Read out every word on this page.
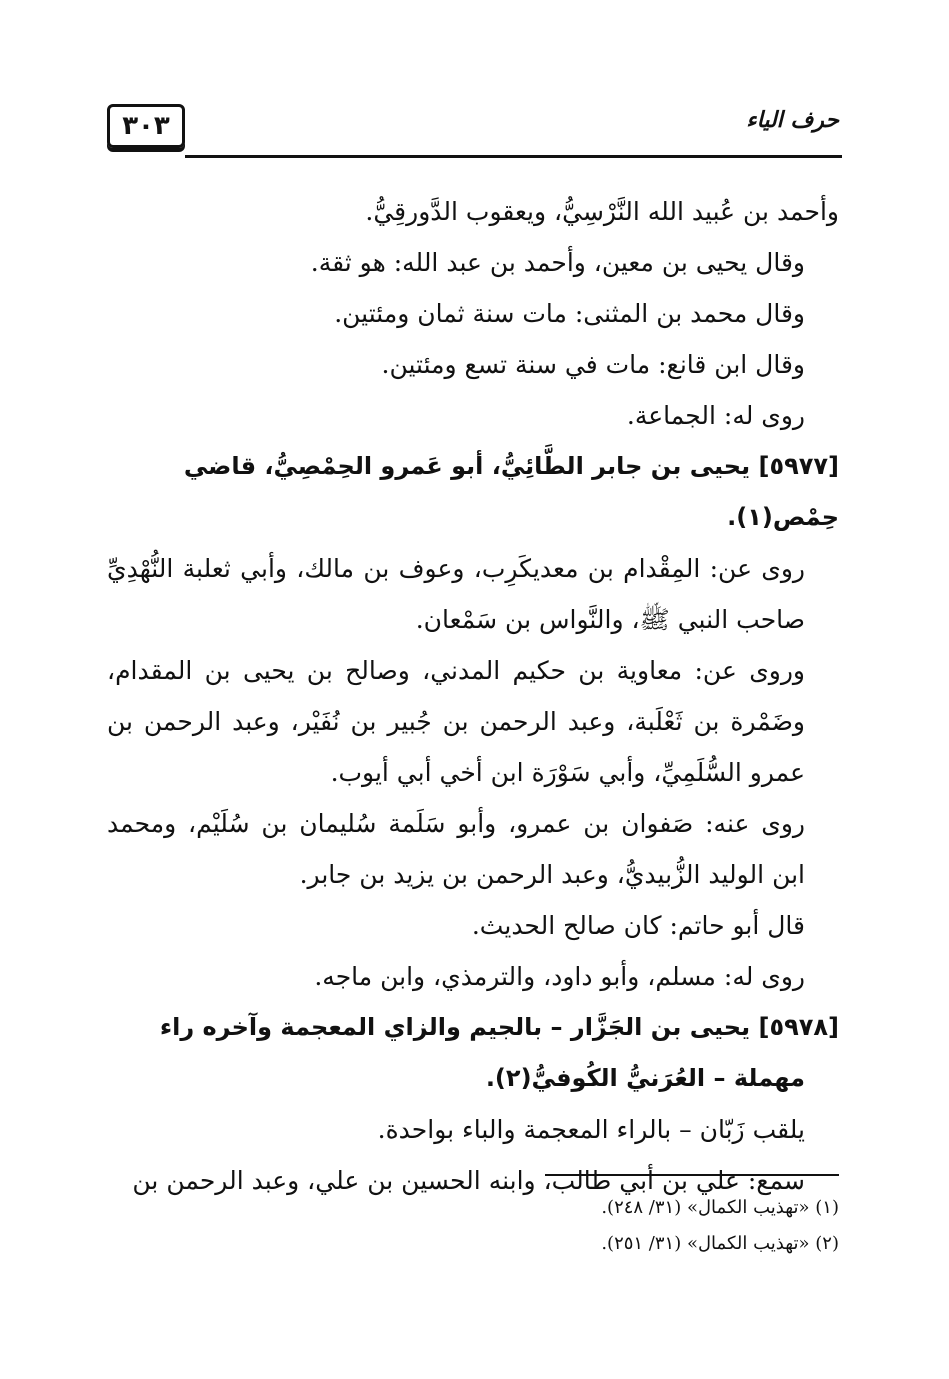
٣٠٣	حرف الياء

وأحمد بن عُبيد الله النَّرْسِيُّ، ويعقوب الدَّورقِيُّ.

وقال يحيى بن معين، وأحمد بن عبد الله: هو ثقة.

وقال محمد بن المثنى: مات سنة ثمان ومئتين.

وقال ابن قانع: مات في سنة تسع ومئتين.

روى له: الجماعة.

[٥٩٧٧] يحيى بن جابر الطَّائِيُّ، أبو عَمرو الحِمْصِيُّ، قاضي حِمْص(١).

روى عن: المِقْدام بن معديكَرِب، وعوف بن مالك، وأبي ثعلبة النُّهْدِيِّ صاحب النبي ﷺ، والنَّواس بن سَمْعان.

وروى عن: معاوية بن حكيم المدني، وصالح بن يحيى بن المقدام، وضَمْرة بن ثَعْلَبة، وعبد الرحمن بن جُبير بن نُفَيْر، وعبد الرحمن بن عمرو السُّلَمِيِّ، وأبي سَوْرَة ابن أخي أبي أيوب.

روى عنه: صَفوان بن عمرو، وأبو سَلَمة سُليمان بن سُلَيْم، ومحمد ابن الوليد الزُّبيديُّ، وعبد الرحمن بن يزيد بن جابر.

قال أبو حاتم: كان صالح الحديث.

روى له: مسلم، وأبو داود، والترمذي، وابن ماجه.

[٥٩٧٨] يحيى بن الجَزَّار – بالجيم والزاي المعجمة وآخره راء مهملة – العُرَنيُّ الكُوفيُّ(٢).

يلقب زَبّان – بالراء المعجمة والباء بواحدة.

سمع: علي بن أبي طالب، وابنه الحسين بن علي، وعبد الرحمن بن

(١) «تهذيب الكمال» (٣١/ ٢٤٨).

(٢) «تهذيب الكمال» (٣١/ ٢٥١).
